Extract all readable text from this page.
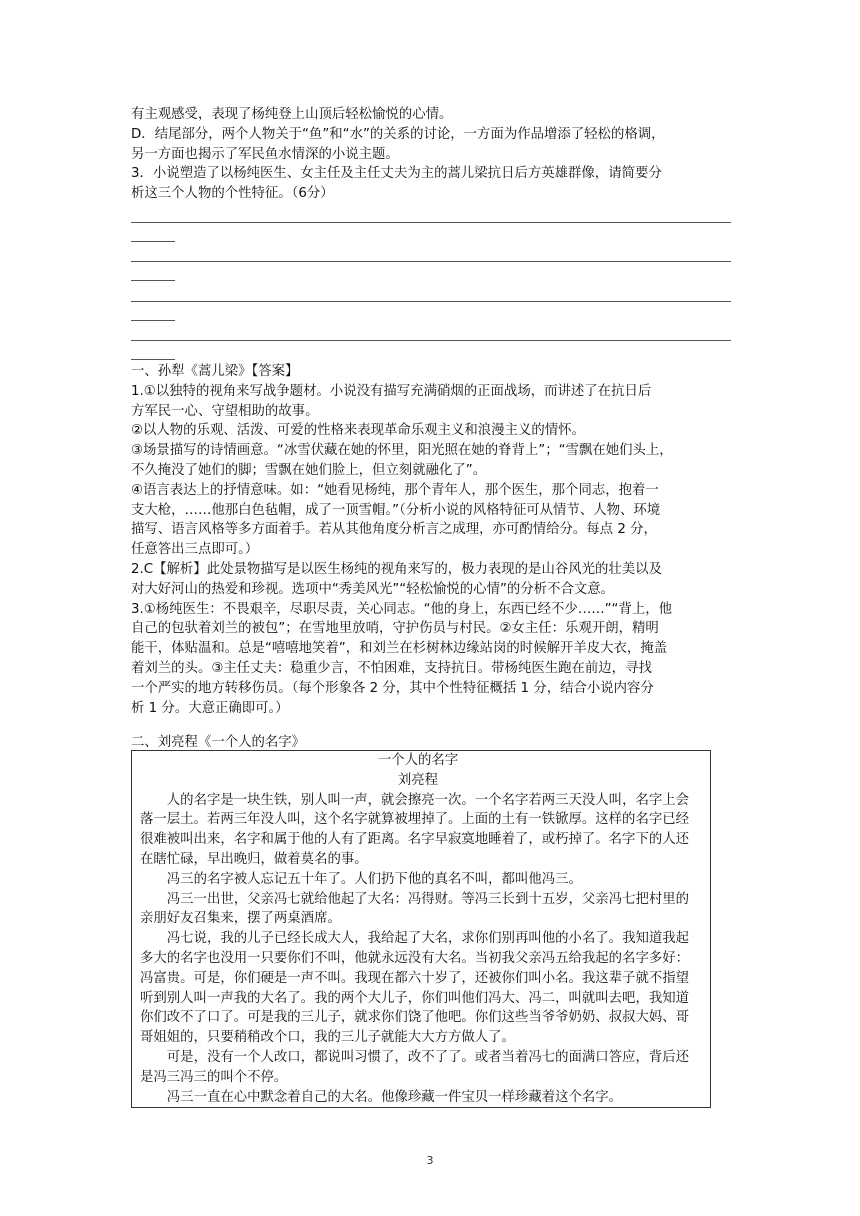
有主观感受，表现了杨纯登上山顶后轻松愉悦的心情。
D．结尾部分，两个人物关于“鱼”和“水”的关系的讨论，一方面为作品增添了轻松的格调，
另一方面也揭示了军民鱼水情深的小说主题。
3．小说塑造了以杨纯医生、女主任及主任丈夫为主的蒿儿梁抗日后方英雄群像，请简要分
析这三个人物的个性特征。（6分）
一、孙犁《蒿儿梁》【答案】
1.①以独特的视角来写战争题材。小说没有描写充满硝烟的正面战场，而讲述了在抗日后
方军民一心、守望相助的故事。
②以人物的乐观、活泼、可爱的性格来表现革命乐观主义和浪漫主义的情怀。
③场景描写的诗情画意。“冰雪伏藏在她的怀里，阳光照在她的脊背上”；“雪飘在她们头上，
不久掩没了她们的脚；雪飘在她们脸上，但立刻就融化了”。
④语言表达上的抒情意味。如：“她看见杨纯，那个青年人，那个医生，那个同志，抱着一
支大枪，……他那白色毡帽，成了一顶雪帽。”（分析小说的风格特征可从情节、人物、环境
描写、语言风格等多方面着手。若从其他角度分析言之成理，亦可酌情给分。每点 2 分，
任意答出三点即可。）
2.C【解析】此处景物描写是以医生杨纯的视角来写的，极力表现的是山谷风光的壮美以及
对大好河山的热爱和珍视。选项中“秀美风光”“轻松愉悦的心情”的分析不合文意。
3.①杨纯医生：不畏艰辛，尽职尽责，关心同志。“他的身上，东西已经不少……”“背上，他
自己的包驮着刘兰的被包”；在雪地里放哨，守护伤员与村民。②女主任：乐观开朗，精明
能干，体贴温和。总是“嘻嘻地笑着”，和刘兰在杉树林边缘站岗的时候解开羊皮大衣，掩盖
着刘兰的头。③主任丈夫：稳重少言，不怕困难，支持抗日。带杨纯医生跑在前边，寻找
一个严实的地方转移伤员。（每个形象各 2 分，其中个性特征概括 1 分，结合小说内容分
析 1 分。大意正确即可。）
二、刘亮程《一个人的名字》
一个人的名字
刘亮程
人的名字是一块生铁，别人叫一声，就会擦亮一次。一个名字若两三天没人叫，名字上会落一层土。若两三年没人叫，这个名字就算被埋掉了。上面的土有一铁锨厚。这样的名字已经很难被叫出来，名字和属于他的人有了距离。名字早寂寞地睡着了，或朽掉了。名字下的人还在瞎忙碌，早出晚归，做着莫名的事。
冯三的名字被人忘记五十年了。人们扔下他的真名不叫，都叫他冯三。
冯三一出世，父亲冯七就给他起了大名：冯得财。等冯三长到十五岁，父亲冯七把村里的亲朋好友召集来，摆了两桌酒席。
冯七说，我的儿子已经长成大人，我给起了大名，求你们别再叫他的小名了。我知道我起多大的名字也没用一只要你们不叫，他就永远没有大名。当初我父亲冯五给我起的名字多好：冯富贵。可是，你们硬是一声不叫。我现在都六十岁了，还被你们叫小名。我这辈子就不指望听到别人叫一声我的大名了。我的两个大儿子，你们叫他们冯大、冯二，叫就叫去吧，我知道你们改不了口了。可是我的三儿子，就求你们饶了他吧。你们这些当爷爷奶奶、叔叔大妈、哥哥姐姐的，只要稍稍改个口，我的三儿子就能大大方方做人了。
可是，没有一个人改口，都说叫习惯了，改不了了。或者当着冯七的面满口答应，背后还是冯三冯三的叫个不停。
冯三一直在心中默念着自己的大名。他像珍藏一件宝贝一样珍藏着这个名字。
3
